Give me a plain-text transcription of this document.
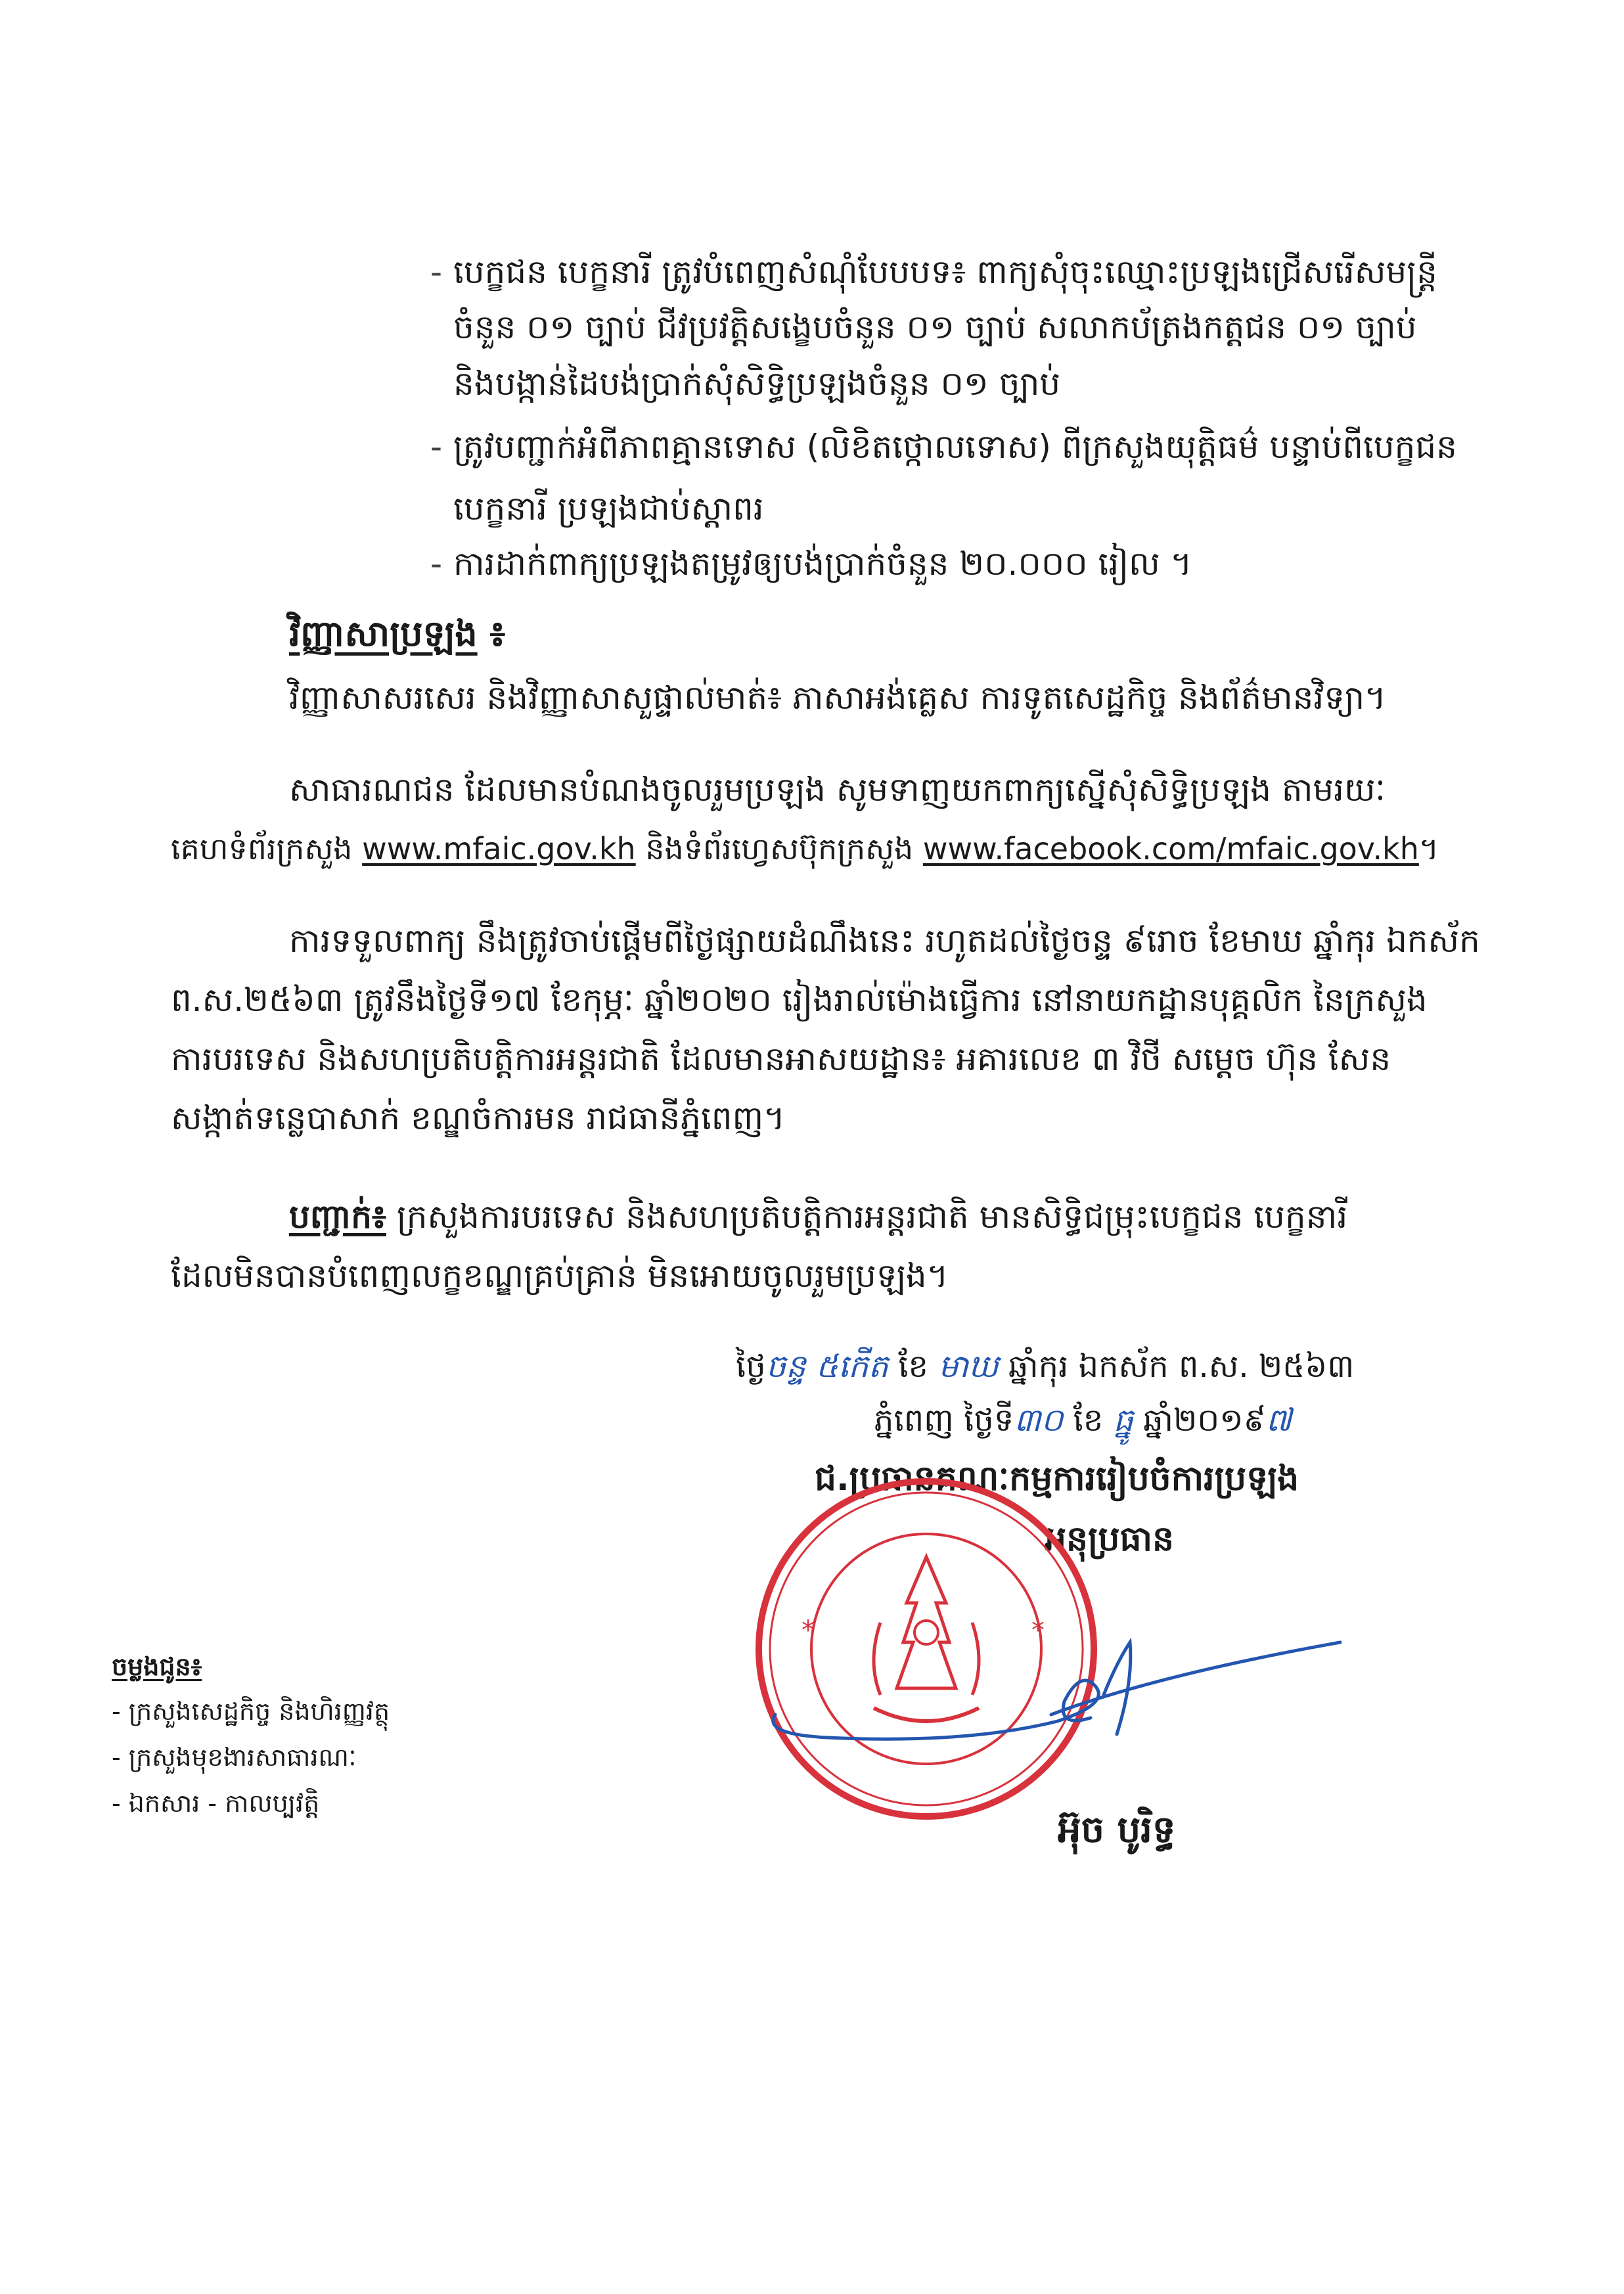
- បេក្ខជន បេក្ខនារី ត្រូវបំពេញសំណុំបែបបទ៖ ពាក្យសុំចុះឈ្មោះប្រឡងជ្រើសរើសមន្ត្រី
ចំនួន ០១ ច្បាប់ ជីវប្រវត្តិសង្ខេបចំនួន ០១ ច្បាប់ សលាកប័ត្រងកត្តជន ០១ ច្បាប់
និងបង្កាន់ដៃបង់ប្រាក់សុំសិទ្ធិប្រឡងចំនួន ០១ ច្បាប់
- ត្រូវបញ្ជាក់អំពីភាពគ្មានទោស (លិខិតថ្កោលទោស) ពីក្រសួងយុត្តិធម៌ បន្ទាប់ពីបេក្ខជន
បេក្ខនារី ប្រឡងជាប់ស្ដាពរ
- ការដាក់ពាក្យប្រឡងតម្រូវឲ្យបង់ប្រាក់ចំនួន ២០.០០០ រៀល ។
វិញ្ញាសាប្រឡង ៖
វិញ្ញាសាសរសេរ និងវិញ្ញាសាសួផ្ទាល់មាត់៖ ភាសាអង់គ្លេស ការទូតសេដ្ឋកិច្ច និងព័ត៌មានវិទ្យា។
សាធារណជន ដែលមានបំណងចូលរួមប្រឡង សូមទាញយកពាក្យស្នើសុំសិទ្ធិប្រឡង តាមរយៈ
គេហទំព័រក្រសួង www.mfaic.gov.kh និងទំព័រហ្វេសប៊ុកក្រសួង www.facebook.com/mfaic.gov.kh។
ការទទួលពាក្យ នឹងត្រូវចាប់ផ្ដើមពីថ្ងៃផ្សាយដំណឹងនេះ រហូតដល់ថ្ងៃចន្ទ ៩រោច ខែមាឃ ឆ្នាំកុរ ឯកស័ក
ព.ស.២៥៦៣ ត្រូវនឹងថ្ងៃទី១៧ ខែកុម្ភៈ ឆ្នាំ២០២០ រៀងរាល់ម៉ោងធ្វើការ នៅនាយកដ្ឋានបុគ្គលិក នៃក្រសួង
ការបរទេស និងសហប្រតិបត្តិការអន្តរជាតិ ដែលមានអាសយដ្ឋាន៖ អគារលេខ ៣ វិថី សម្ដេច ហ៊ុន សែន
សង្កាត់ទន្លេបាសាក់ ខណ្ឌចំការមន រាជធានីភ្នំពេញ។
បញ្ជាក់៖ ក្រសួងការបរទេស និងសហប្រតិបត្តិការអន្តរជាតិ មានសិទ្ធិជម្រុះបេក្ខជន បេក្ខនារី
ដែលមិនបានបំពេញលក្ខខណ្ឌគ្រប់គ្រាន់ មិនអោយចូលរួមប្រឡង។
ថ្ងៃចន្ទ ៥កើត ខែ មាឃ ឆ្នាំកុរ ឯកស័ក ព.ស. ២៥៦៣
ភ្នំពេញ ថ្ងៃទី៣០ ខែ ធ្នូ ឆ្នាំ២០១៩៧
ជ.ប្រធានគណៈកម្មការរៀបចំការប្រឡង
អនុប្រធាន
*
*
អ៊ុច បូរិទ្ធ
ចម្លងជូន៖
- ក្រសួងសេដ្ឋកិច្ច និងហិរញ្ញវត្ថុ
- ក្រសួងមុខងារសាធារណៈ
- ឯកសារ - កាលប្បវត្តិ
